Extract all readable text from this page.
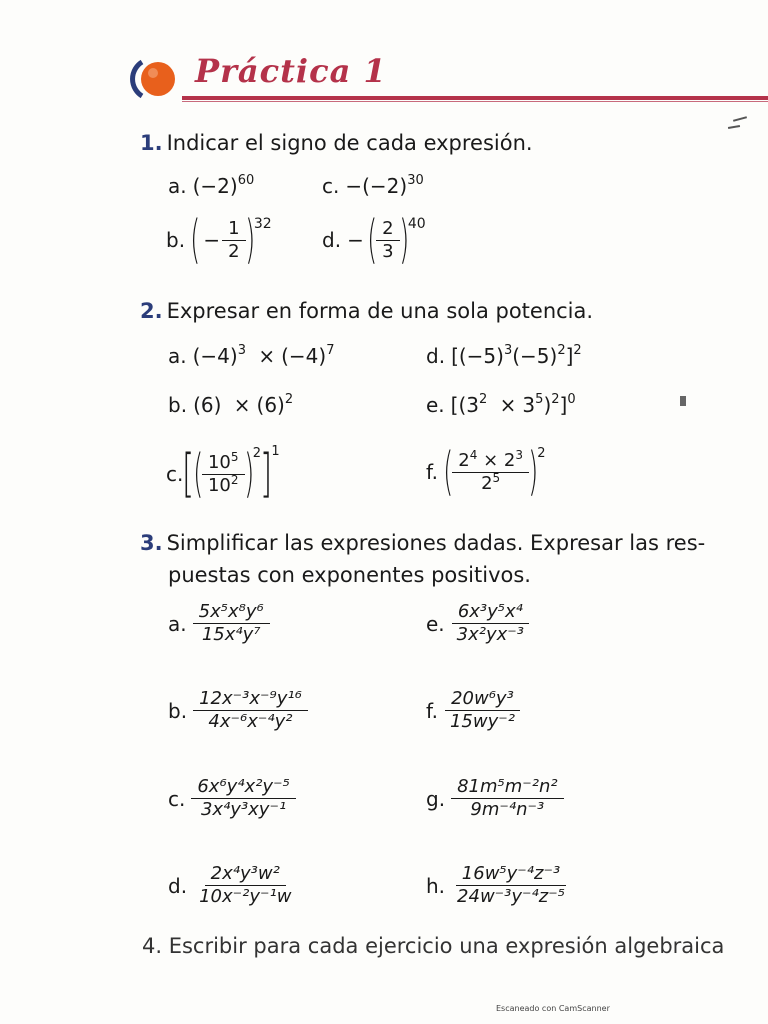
Práctica 1
1. Indicar el signo de cada expresión.
a. $(-2)^{60}$	c. $-(-2)^{30}$
b. ( − $\frac{1}{2}$ ) 32
d. − ( $\frac{2}{3}$ ) 40
2. Expresar en forma de una sola potencia.
a. $(-4)^3 \times (-4)^7$	d. $[(-5)^3(-5)^2]^2$
b. $(6) \times (6)^2$	e. $[(3^2 \times 3^5)^2]^0$
c. [
( $\frac{10^5}{10^2}$ ) 2 ] 1
f. ( $\frac{2^4 \times 2^3}{2^5}$ ) 2
3. Simplificar las expresiones dadas. Expresar las res-
puestas con exponentes positivos.
a. $\frac{\text{5x⁵x⁸y⁶}}{\text{15x⁴y⁷}}$
b. $\frac{\text{12x⁻³x⁻⁹y¹⁶}}{\text{4x⁻⁶x⁻⁴y²}}$
c. $\frac{\text{6x⁶y⁴x²y⁻⁵}}{\text{3x⁴y³xy⁻¹}}$
d. $\frac{\text{2x⁴y³w²}}{\text{10x⁻²y⁻¹w}}$
e. $\frac{\text{6x³y⁵x⁴}}{\text{3x²yx⁻³}}$
f. $\frac{\text{20w⁶y³}}{\text{15wy⁻²}}$
g. $\frac{\text{81m⁵m⁻²n²}}{\text{9m⁻⁴n⁻³}}$
h. $\frac{\text{16w⁵y⁻⁴z⁻³}}{\text{24w⁻³y⁻⁴z⁻⁵}}$
4. Escribir para cada ejercicio una expresión algebraica
Escaneado con CamScanner
